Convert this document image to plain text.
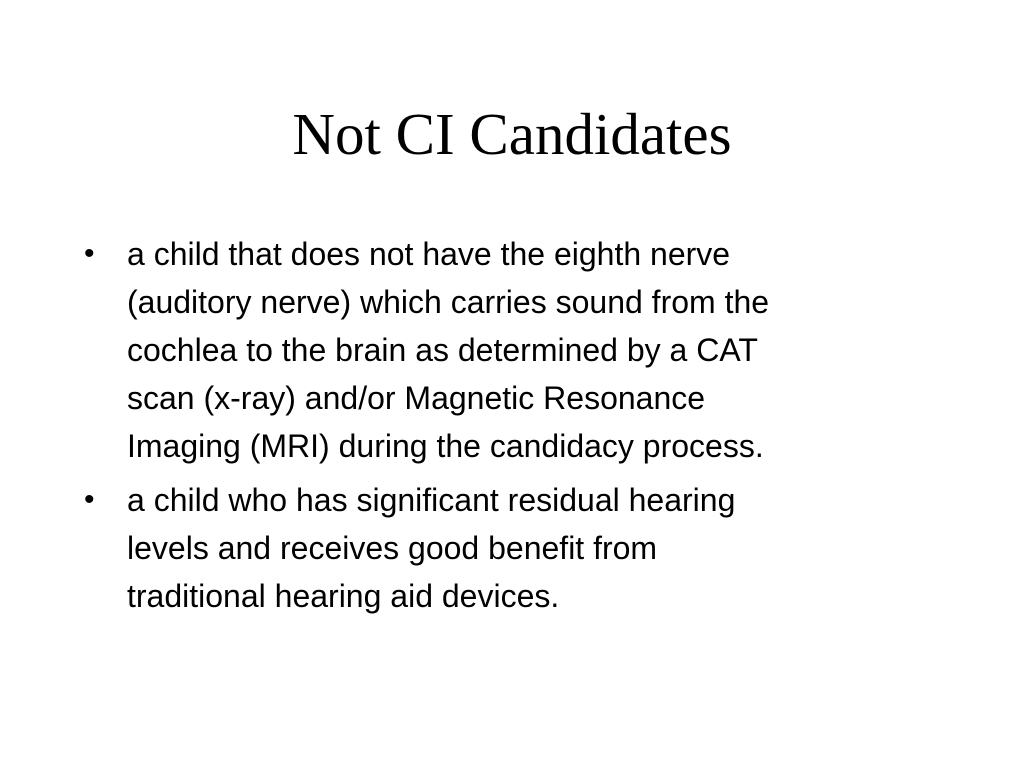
Not CI Candidates
•	a child that does not have the eighth nerve
(auditory nerve) which carries sound from the
cochlea to the brain as determined by a CAT
scan (x-ray) and/or Magnetic Resonance
Imaging (MRI) during the candidacy process.
•	a child who has significant residual hearing
levels and receives good benefit from
traditional hearing aid devices.
